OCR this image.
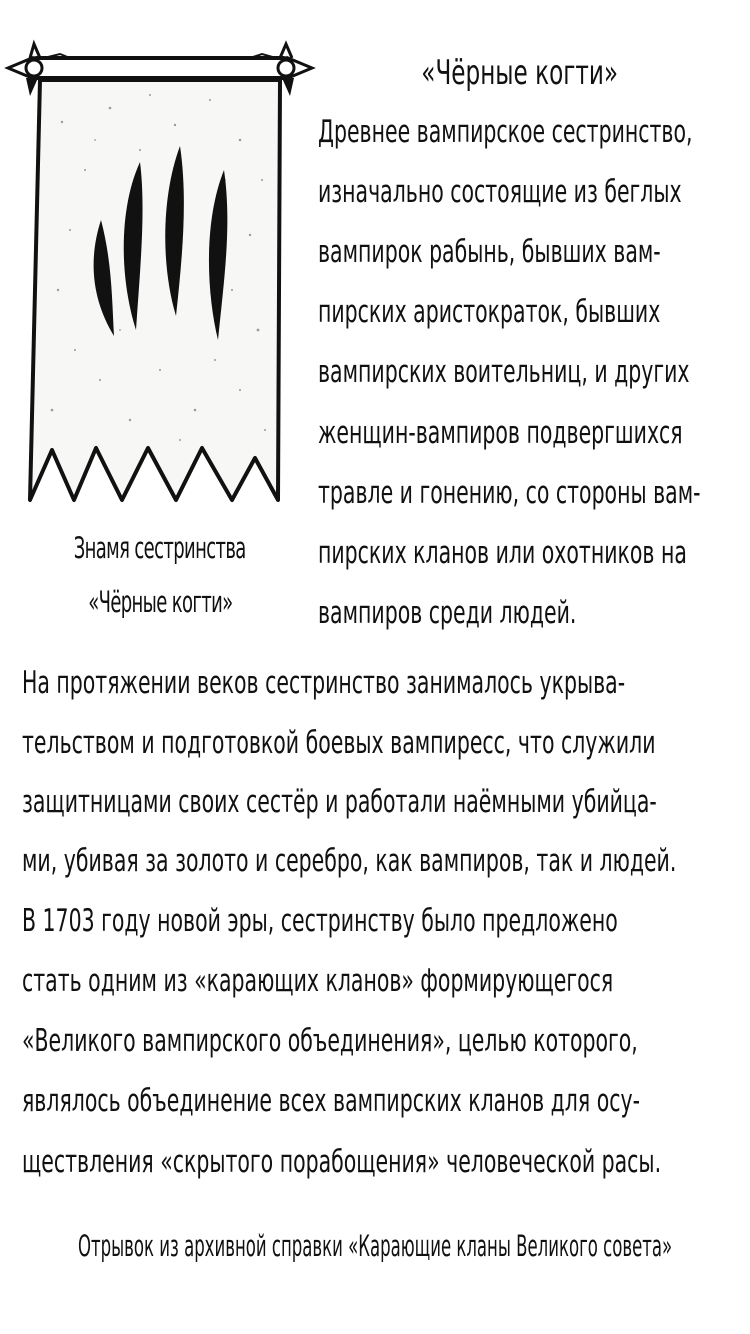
Знамя сестринства
«Чёрные когти»
«Чёрные когти»
Древнее вампирское сестринство,
изначально состоящие из беглых
вампирок рабынь, бывших вам-
пирских аристократок, бывших
вампирских воительниц, и других
женщин-вампиров подвергшихся
травле и гонению, со стороны вам-
пирских кланов или охотников на
вампиров среди людей.
На протяжении веков сестринство занималось укрыва-
тельством и подготовкой боевых вампиресс, что служили
защитницами своих сестёр и работали наёмными убийца-
ми, убивая за золото и серебро, как вампиров, так и людей.
В 1703 году новой эры, сестринству было предложено
стать одним из «карающих кланов» формирующегося
«Великого вампирского объединения», целью которого,
являлось объединение всех вампирских кланов для осу-
ществления «скрытого порабощения» человеческой расы.
Отрывок из архивной справки «Карающие кланы Великого совета»
